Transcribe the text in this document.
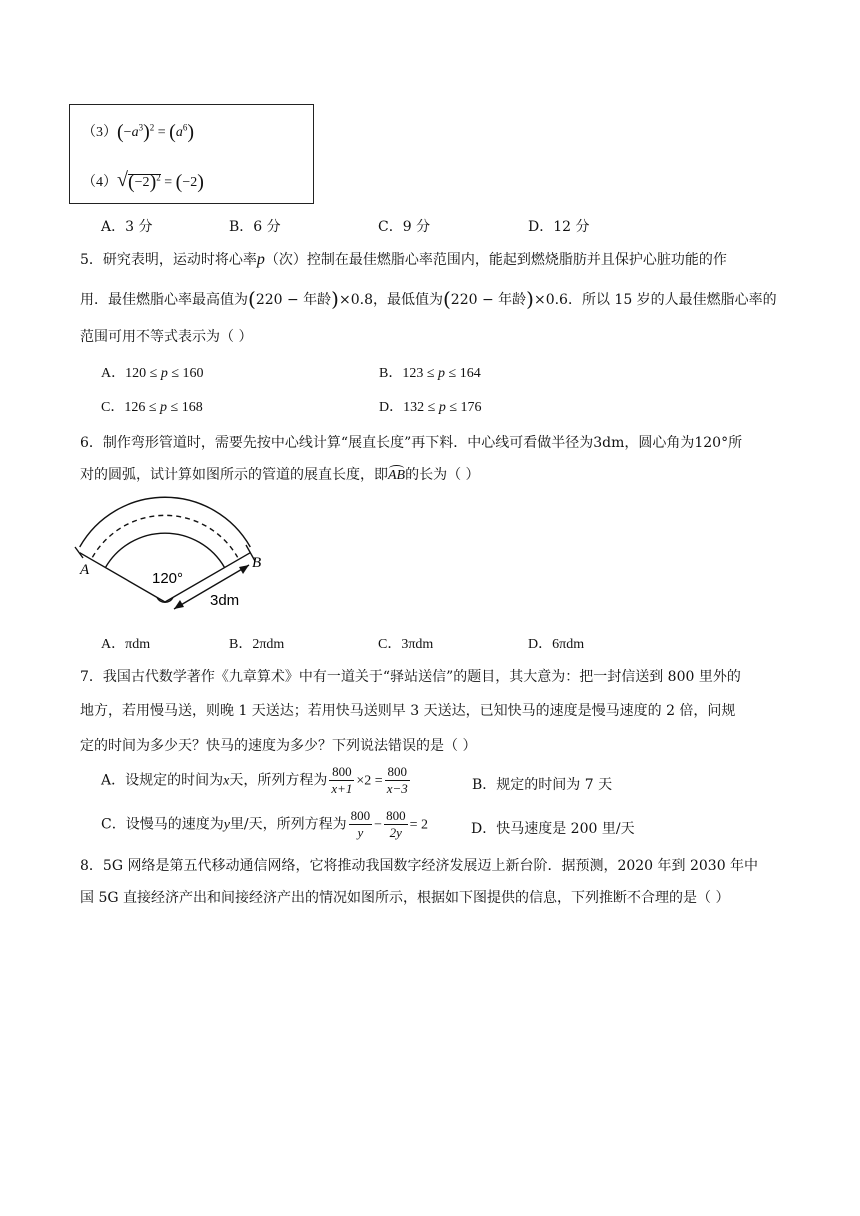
$(3)(-a^3)^2 = (a^6)$
$(4)√(-2)^2 = (-2)$
A．3 分	B．6 分	C．9 分	D．12 分
5．研究表明，运动时将心率p（次）控制在最佳燃脂心率范围内，能起到燃烧脂肪并且保护心脏功能的作
用．最佳燃脂心率最高值为(220 − 年龄)×0.8，最低值为(220 − 年龄)×0.6．所以 15 岁的人最佳燃脂心率的
范围可用不等式表示为（ ）
A．120 ≤ p ≤ 160	B．123 ≤ p ≤ 164
C．126 ≤ p ≤ 168	D．132 ≤ p ≤ 176
6．制作弯形管道时，需要先按中心线计算“展直长度”再下料．中心线可看做半径为3dm，圆心角为120°所
对的圆弧，试计算如图所示的管道的展直长度，即AB的长为（ ）
A	B
120°
3dm
A．πdm	B．2πdm	C．3πdm	D．6πdm
7．我国古代数学著作《九章算术》中有一道关于“驿站送信”的题目，其大意为：把一封信送到 800 里外的
地方，若用慢马送，则晚 1 天送达；若用快马送则早 3 天送达，已知快马的速度是慢马速度的 2 倍，问规
定的时间为多少天？快马的速度为多少？下列说法错误的是（ ）
A．设规定的时间为x天，所列方程为 $\frac{800}{x+1} \times 2 = \frac{800}{x-3}$	B．规定的时间为 7 天
C．设慢马的速度为y里/天，所列方程为 $\frac{800}{y} - \frac{800}{2y} = 2$	D．快马速度是 200 里/天
8．5G 网络是第五代移动通信网络，它将推动我国数字经济发展迈上新台阶．据预测，2020 年到 2030 年中
国 5G 直接经济产出和间接经济产出的情况如图所示，根据如下图提供的信息，下列推断不合理的是（ ）
